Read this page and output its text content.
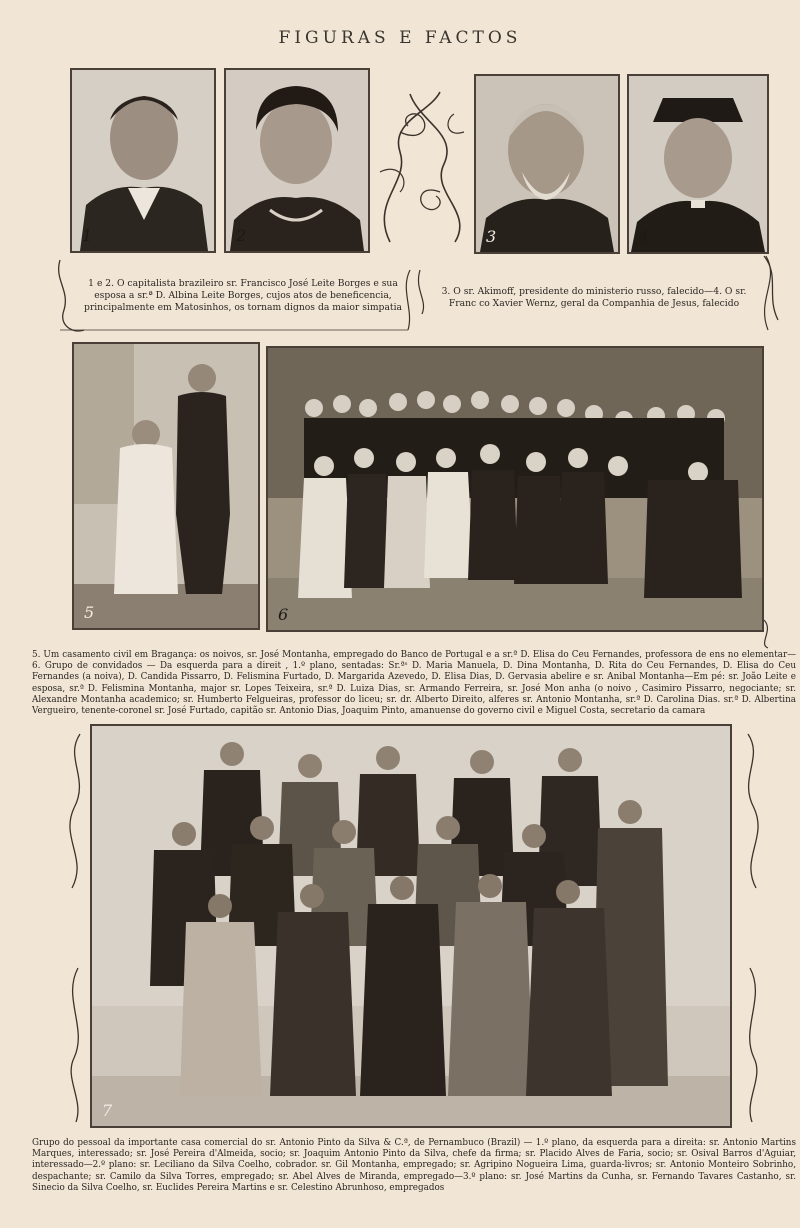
FIGURAS E FACTOS
1	2	3	4
1 e 2. O capitalista brazileiro sr. Francisco José Leite Borges e sua esposa a sr.ª D. Albina Leite Borges, cujos atos de beneficencia, principalmente em Matosinhos, os tornam dignos da maior simpatia
3. O sr. Akimoff, presidente do ministerio russo, falecido—4. O sr. Franc co Xavier Wernz, geral da Companhia de Jesus, falecido
5	6
5. Um casamento civil em Bragança: os noivos, sr. José Montanha, empregado do Banco de Portugal e a sr.ª D. Elisa do Ceu Fernandes, professora de ens no elementar—6. Grupo de convidados — Da esquerda para a direit , 1.º plano, sentadas: Sr.ªˢ D. Maria Manuela, D. Dina Montanha, D. Rita do Ceu Fernandes, D. Elisa do Ceu Fernandes (a noiva), D. Candida Pissarro, D. Felismina Furtado, D. Margarida Azevedo, D. Elisa Dias, D. Gervasia abelire e sr. Anibal Montanha—Em pé: sr. João Leite e esposa, sr.ª D. Felismina Montanha, major sr. Lopes Teixeira, sr.ª D. Luiza Dias, sr. Armando Ferreira, sr. José Mon anha (o noivo , Casimiro Pissarro, negociante; sr. Alexandre Montanha academico; sr. Humberto Felgueiras, professor do liceu; sr. dr. Alberto Direito, alferes sr. Antonio Montanha, sr.ª D. Carolina Dias. sr.ª D. Albertina Vergueiro, tenente-coronel sr. José Furtado, capitão sr. Antonio Dias, Joaquim Pinto, amanuense do governo civil e Miguel Costa, secretario da camara
7
Grupo do pessoal da importante casa comercial do sr. Antonio Pinto da Silva & C.ª, de Pernambuco (Brazil) — 1.º plano, da esquerda para a direita: sr. Antonio Martins Marques, interessado; sr. José Pereira d'Almeida, socio; sr. Joaquim Antonio Pinto da Silva, chefe da firma; sr. Placido Alves de Faria, socio; sr. Osival Barros d'Aguiar, interessado—2.º plano: sr. Leciliano da Silva Coelho, cobrador. sr. Gil Montanha, empregado; sr. Agripino Nogueira Lima, guarda-livros; sr. Antonio Monteiro Sobrinho, despachante; sr. Camilo da Silva Torres, empregado; sr. Abel Alves de Miranda, empregado—3.º plano: sr. José Martins da Cunha, sr. Fernando Tavares Castanho, sr. Sinecio da Silva Coelho, sr. Euclides Pereira Martins e sr. Celestino Abrunhoso, empregados
